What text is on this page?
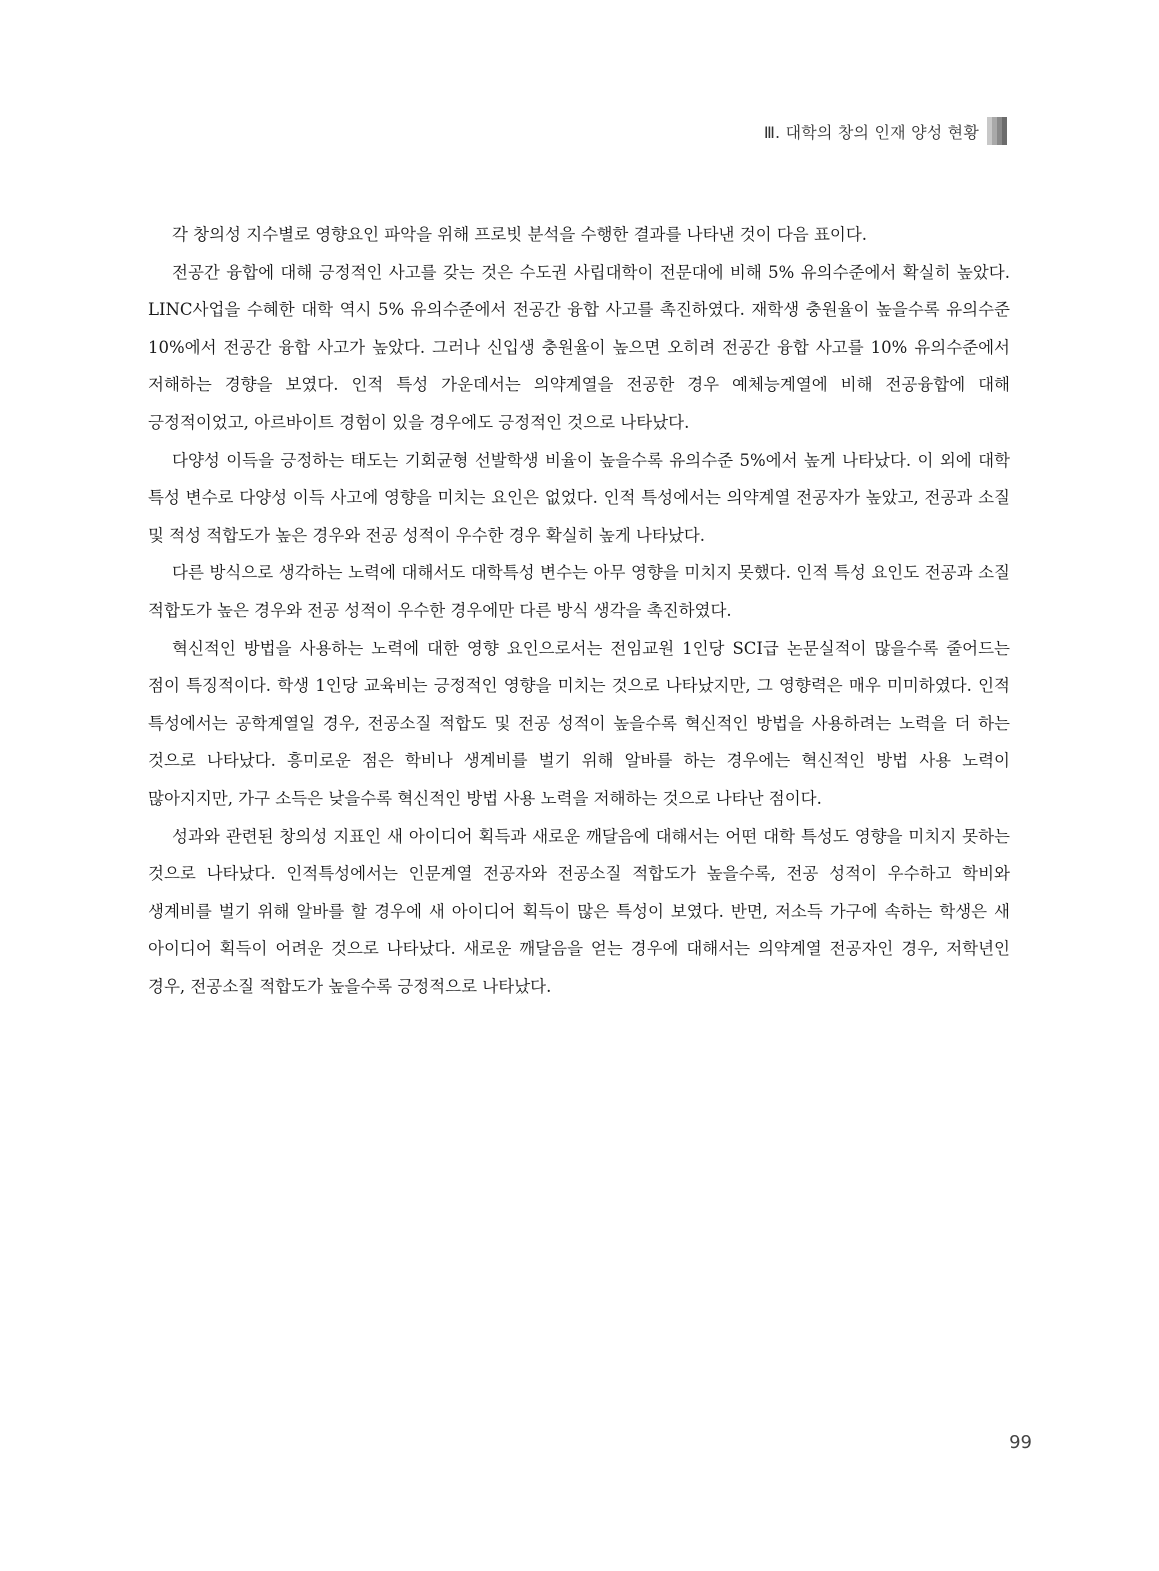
Ⅲ. 대학의 창의 인재 양성 현황

각 창의성 지수별로 영향요인 파악을 위해 프로빗 분석을 수행한 결과를 나타낸 것이 다음 표이다.

전공간 융합에 대해 긍정적인 사고를 갖는 것은 수도권 사립대학이 전문대에 비해 5% 유의수준에서 확실히 높았다. LINC사업을 수혜한 대학 역시 5% 유의수준에서 전공간 융합 사고를 촉진하였다. 재학생 충원율이 높을수록 유의수준 10%에서 전공간 융합 사고가 높았다. 그러나 신입생 충원율이 높으면 오히려 전공간 융합 사고를 10% 유의수준에서 저해하는 경향을 보였다. 인적 특성 가운데서는 의약계열을 전공한 경우 예체능계열에 비해 전공융합에 대해 긍정적이었고, 아르바이트 경험이 있을 경우에도 긍정적인 것으로 나타났다.

다양성 이득을 긍정하는 태도는 기회균형 선발학생 비율이 높을수록 유의수준 5%에서 높게 나타났다. 이 외에 대학 특성 변수로 다양성 이득 사고에 영향을 미치는 요인은 없었다. 인적 특성에서는 의약계열 전공자가 높았고, 전공과 소질 및 적성 적합도가 높은 경우와 전공 성적이 우수한 경우 확실히 높게 나타났다.

다른 방식으로 생각하는 노력에 대해서도 대학특성 변수는 아무 영향을 미치지 못했다. 인적 특성 요인도 전공과 소질 적합도가 높은 경우와 전공 성적이 우수한 경우에만 다른 방식 생각을 촉진하였다.

혁신적인 방법을 사용하는 노력에 대한 영향 요인으로서는 전임교원 1인당 SCI급 논문실적이 많을수록 줄어드는 점이 특징적이다. 학생 1인당 교육비는 긍정적인 영향을 미치는 것으로 나타났지만, 그 영향력은 매우 미미하였다. 인적 특성에서는 공학계열일 경우, 전공소질 적합도 및 전공 성적이 높을수록 혁신적인 방법을 사용하려는 노력을 더 하는 것으로 나타났다. 흥미로운 점은 학비나 생계비를 벌기 위해 알바를 하는 경우에는 혁신적인 방법 사용 노력이 많아지지만, 가구 소득은 낮을수록 혁신적인 방법 사용 노력을 저해하는 것으로 나타난 점이다.

성과와 관련된 창의성 지표인 새 아이디어 획득과 새로운 깨달음에 대해서는 어떤 대학 특성도 영향을 미치지 못하는 것으로 나타났다. 인적특성에서는 인문계열 전공자와 전공소질 적합도가 높을수록, 전공 성적이 우수하고 학비와 생계비를 벌기 위해 알바를 할 경우에 새 아이디어 획득이 많은 특성이 보였다. 반면, 저소득 가구에 속하는 학생은 새 아이디어 획득이 어려운 것으로 나타났다. 새로운 깨달음을 얻는 경우에 대해서는 의약계열 전공자인 경우, 저학년인 경우, 전공소질 적합도가 높을수록 긍정적으로 나타났다.

99
